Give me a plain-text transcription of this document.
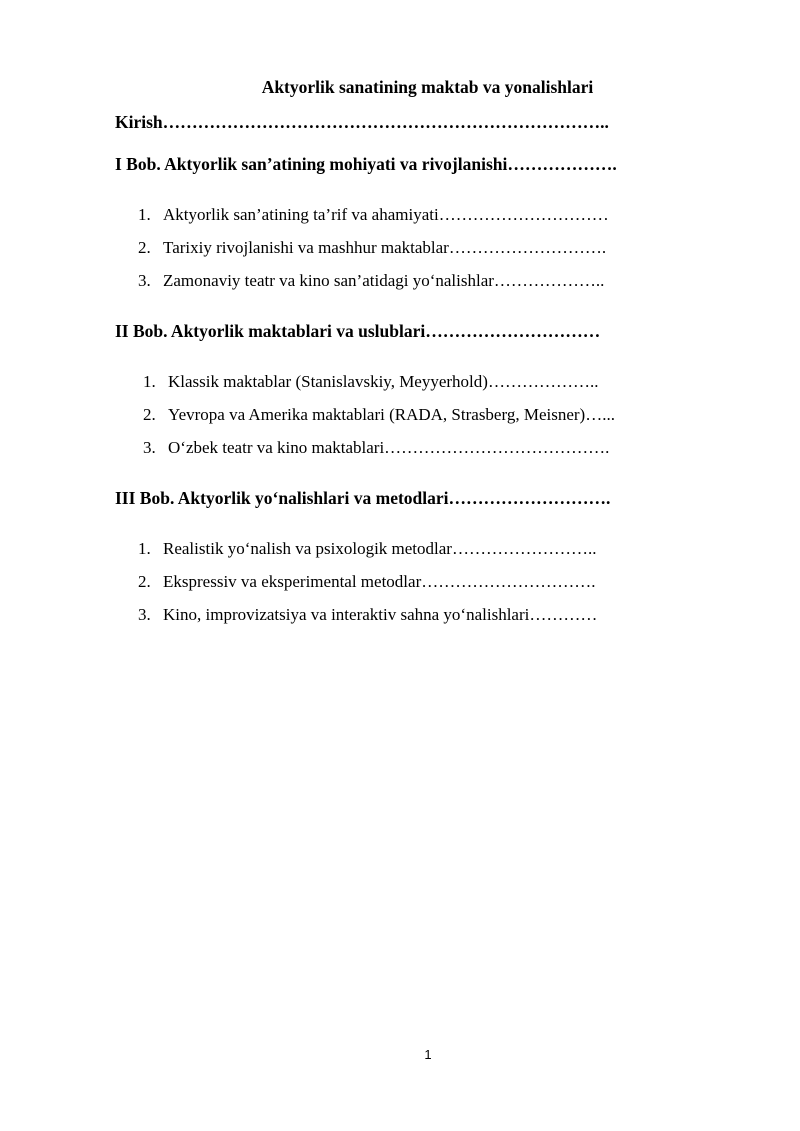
Aktyorlik sanatining maktab va yonalishlari
Kirish…………………………………………………………………..
I Bob. Aktyorlik san’atining mohiyati va rivojlanishi……………….
1. Aktyorlik san’atining ta’rif va ahamiyati…………………………
2. Tarixiy rivojlanishi va mashhur maktablar……………………….
3. Zamonaviy teatr va kino san’atidagi yo‘nalishlar………………..
II Bob. Aktyorlik maktablari va uslublari…………………………
1. Klassik maktablar (Stanislavskiy, Meyyerhold)………………..
2. Yevropa va Amerika maktablari (RADA, Strasberg, Meisner)…...
3. O‘zbek teatr va kino maktablari………………………………….
III Bob. Aktyorlik yo‘nalishlari va metodlari……………………….
1. Realistik yo‘nalish va psixologik metodlar……………………..
2. Ekspressiv va eksperimental metodlar………………………….
3. Kino, improvizatsiya va interaktiv sahna yo‘nalishlari…………
1
